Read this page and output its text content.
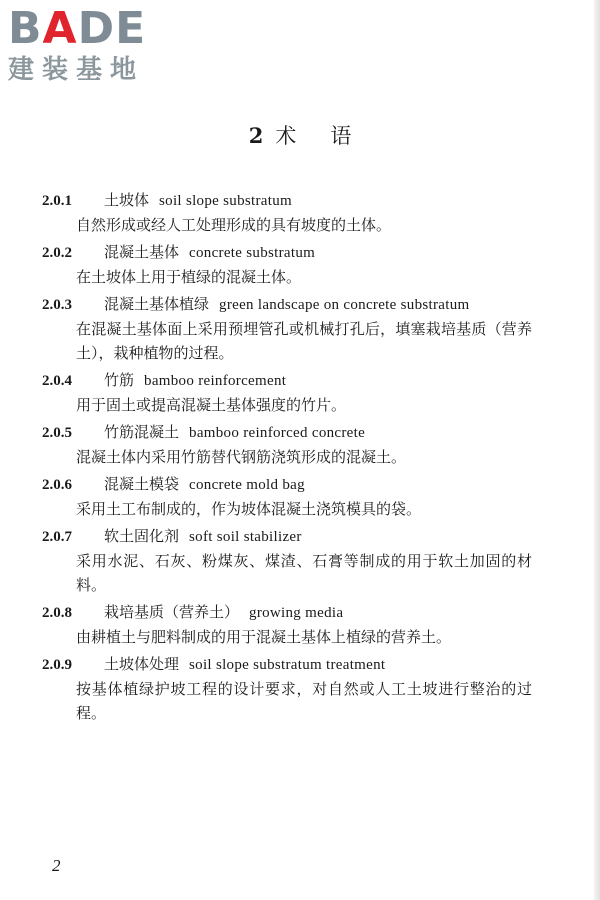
B A DE
建装基地
2 术 语
2.0.1 土坡体 soil slope substratum
自然形成或经人工处理形成的具有坡度的土体。
2.0.2 混凝土基体 concrete substratum
在土坡体上用于植绿的混凝土体。
2.0.3 混凝土基体植绿 green landscape on concrete substratum
在混凝土基体面上采用预埋管孔或机械打孔后，填塞栽培基质（营养土），栽种植物的过程。
2.0.4 竹筋 bamboo reinforcement
用于固土或提高混凝土基体强度的竹片。
2.0.5 竹筋混凝土 bamboo reinforced concrete
混凝土体内采用竹筋替代钢筋浇筑形成的混凝土。
2.0.6 混凝土模袋 concrete mold bag
采用土工布制成的，作为坡体混凝土浇筑模具的袋。
2.0.7 软土固化剂 soft soil stabilizer
采用水泥、石灰、粉煤灰、煤渣、石膏等制成的用于软土加固的材料。
2.0.8 栽培基质（营养土） growing media
由耕植土与肥料制成的用于混凝土基体上植绿的营养土。
2.0.9 土坡体处理 soil slope substratum treatment
按基体植绿护坡工程的设计要求，对自然或人工土坡进行整治的过程。
2
